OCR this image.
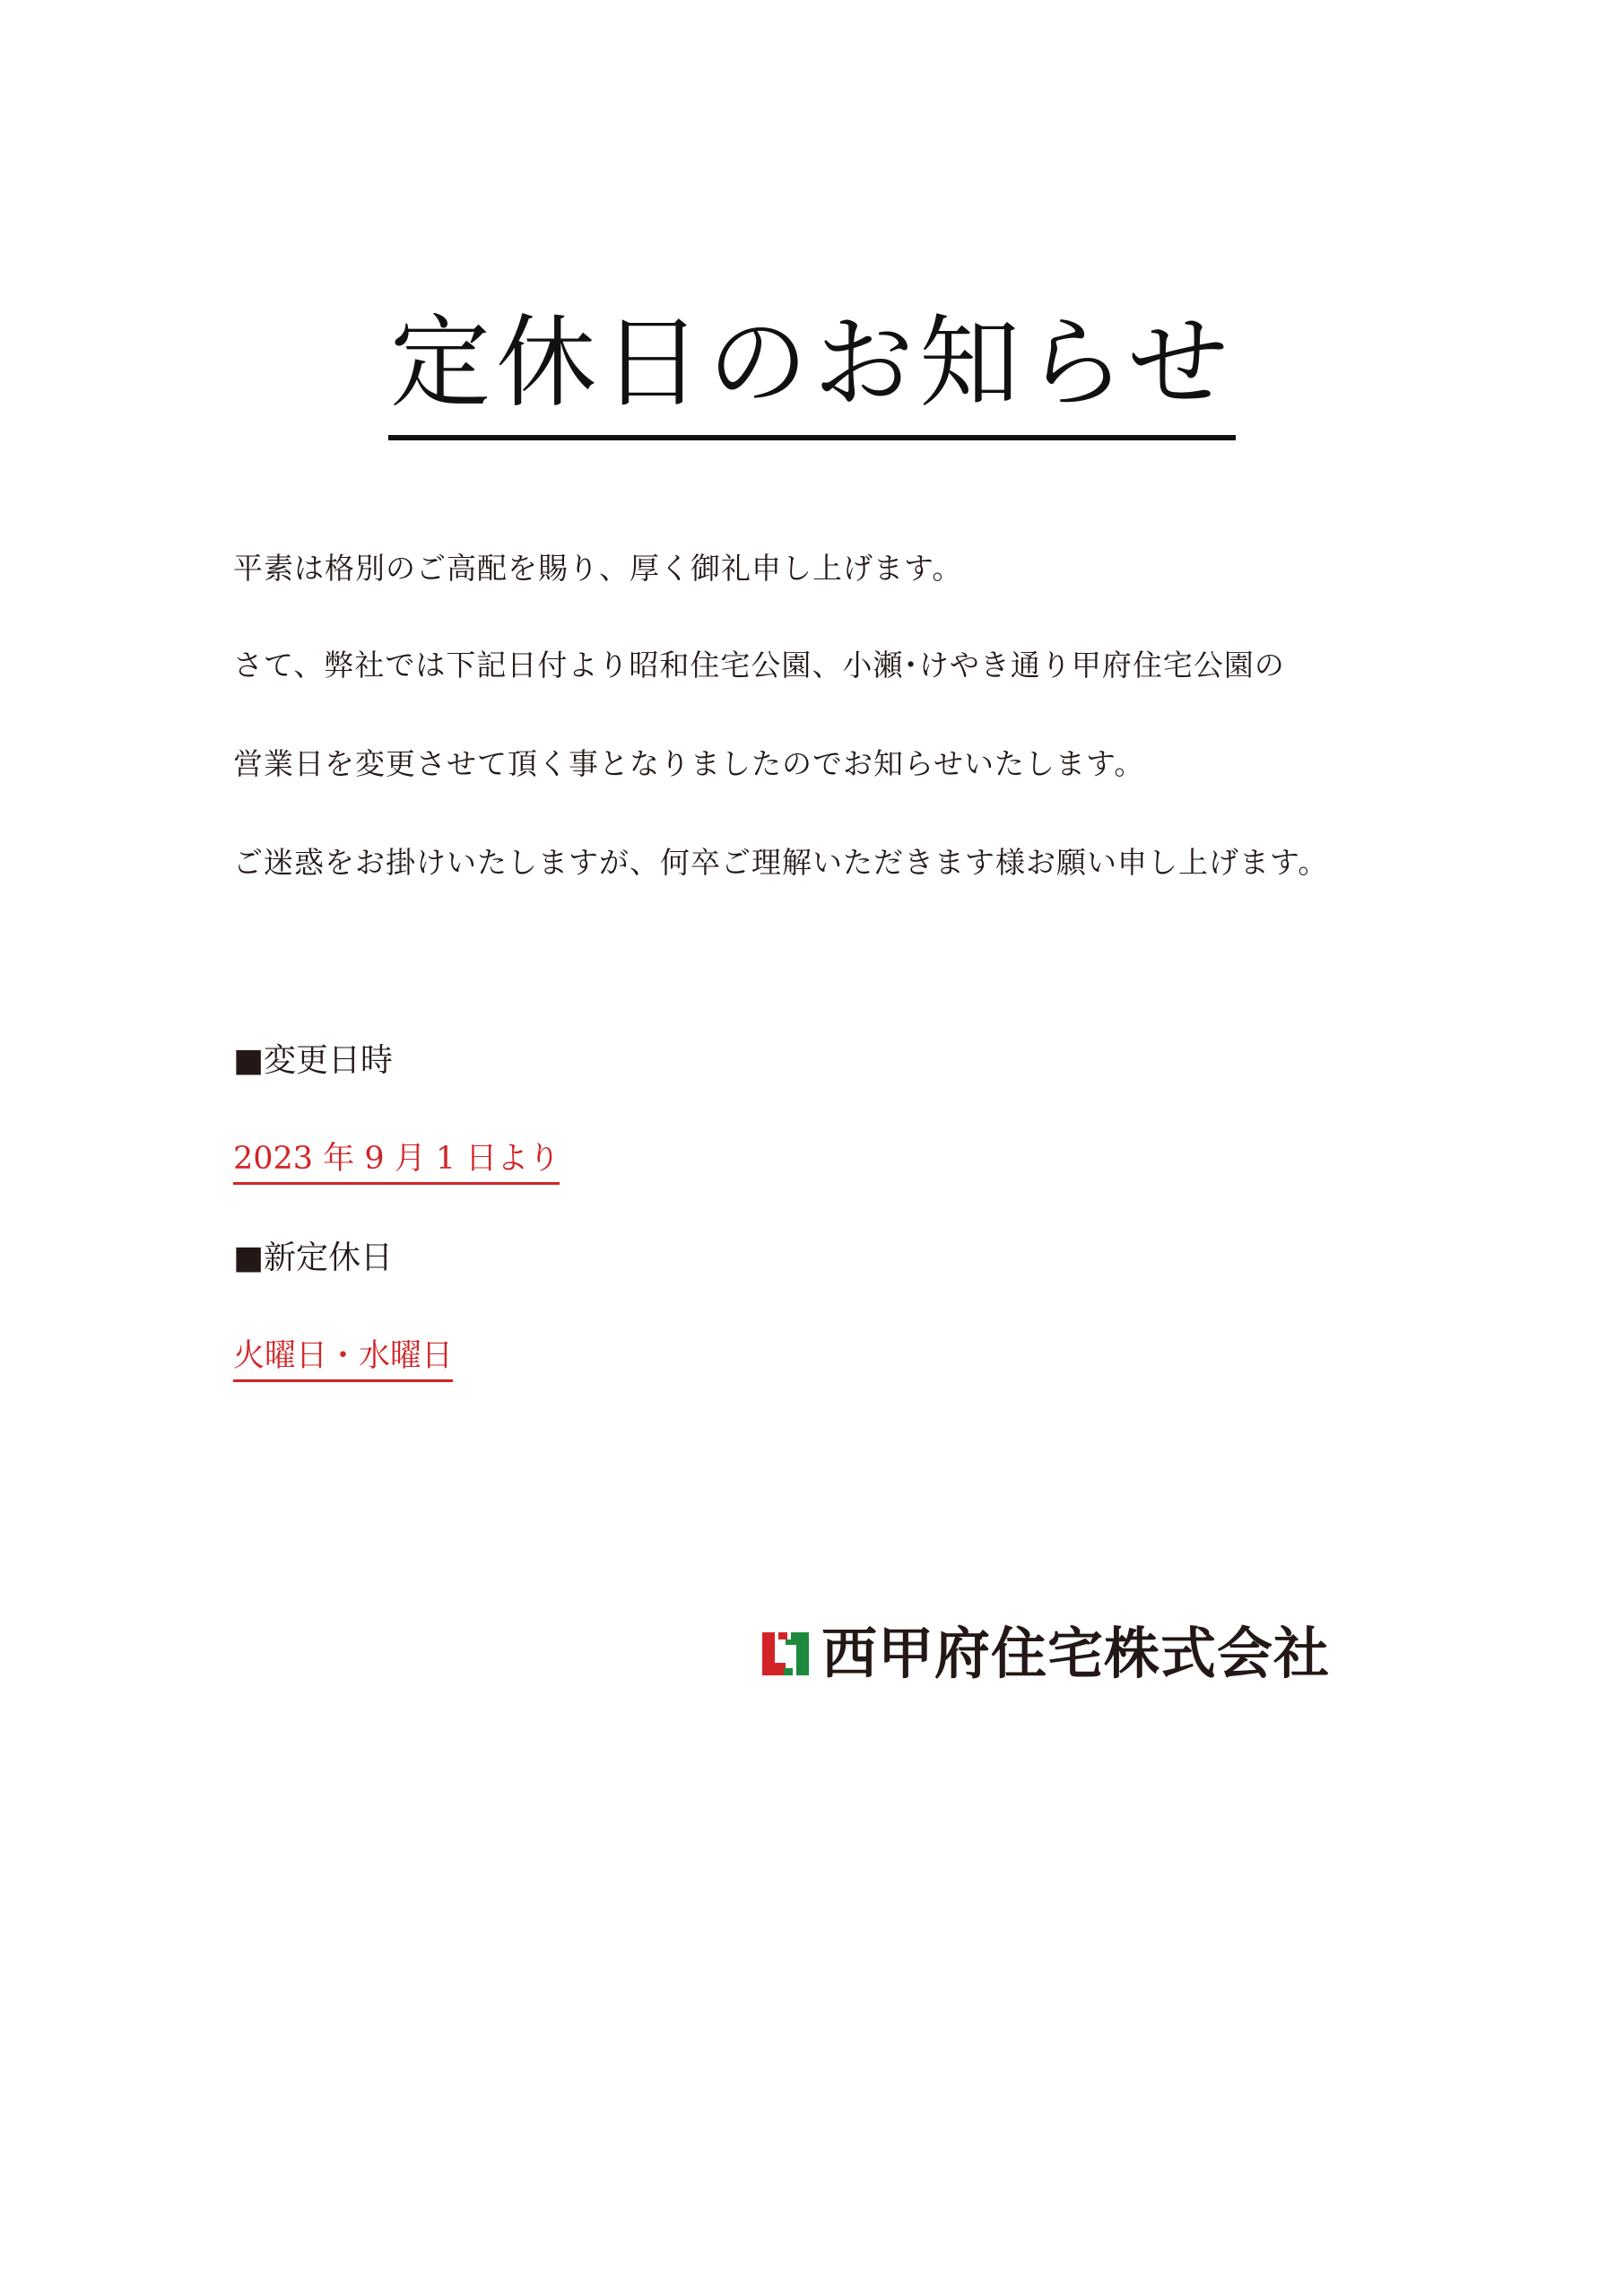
定休日のお知らせ
平素は格別のご高配を賜り、厚く御礼申し上げます。
さて、弊社では下記日付より昭和住宅公園、小瀬･けやき通り甲府住宅公園の
営業日を変更させて頂く事となりましたのでお知らせいたします。
ご迷惑をお掛けいたしますが、何卒ご理解いただきます様お願い申し上げます。
■変更日時
2023 年 9 月 1 日より
■新定休日
火曜日・水曜日
西甲府住宅株式会社
